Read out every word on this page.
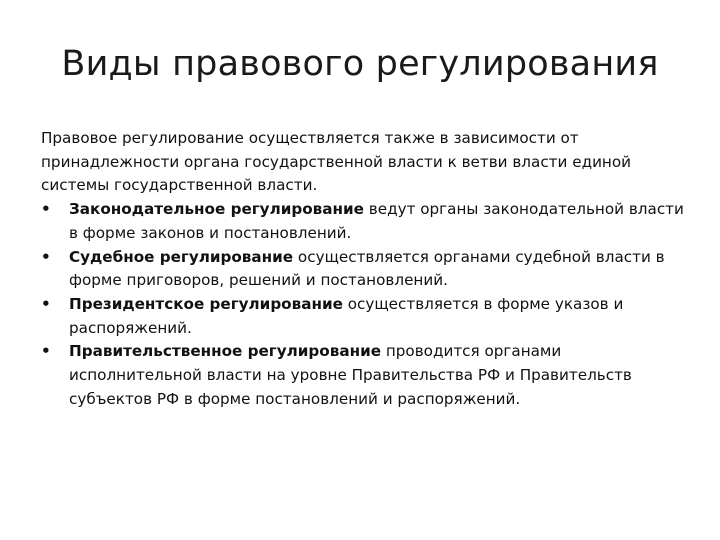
Виды правового регулирования

Правовое регулирование осуществляется также в зависимости от принадлежности органа государственной власти к ветви власти единой системы государственной власти.

•	Законодательное регулирование ведут органы законодательной власти в форме законов и постановлений.
•	Судебное регулирование осуществляется органами судебной власти в форме приговоров, решений и постановлений.
•	Президентское регулирование осуществляется в форме указов и распоряжений.
•	Правительственное регулирование проводится органами исполнительной власти на уровне Правительства РФ и Правительств субъектов РФ в форме постановлений и распоряжений.
